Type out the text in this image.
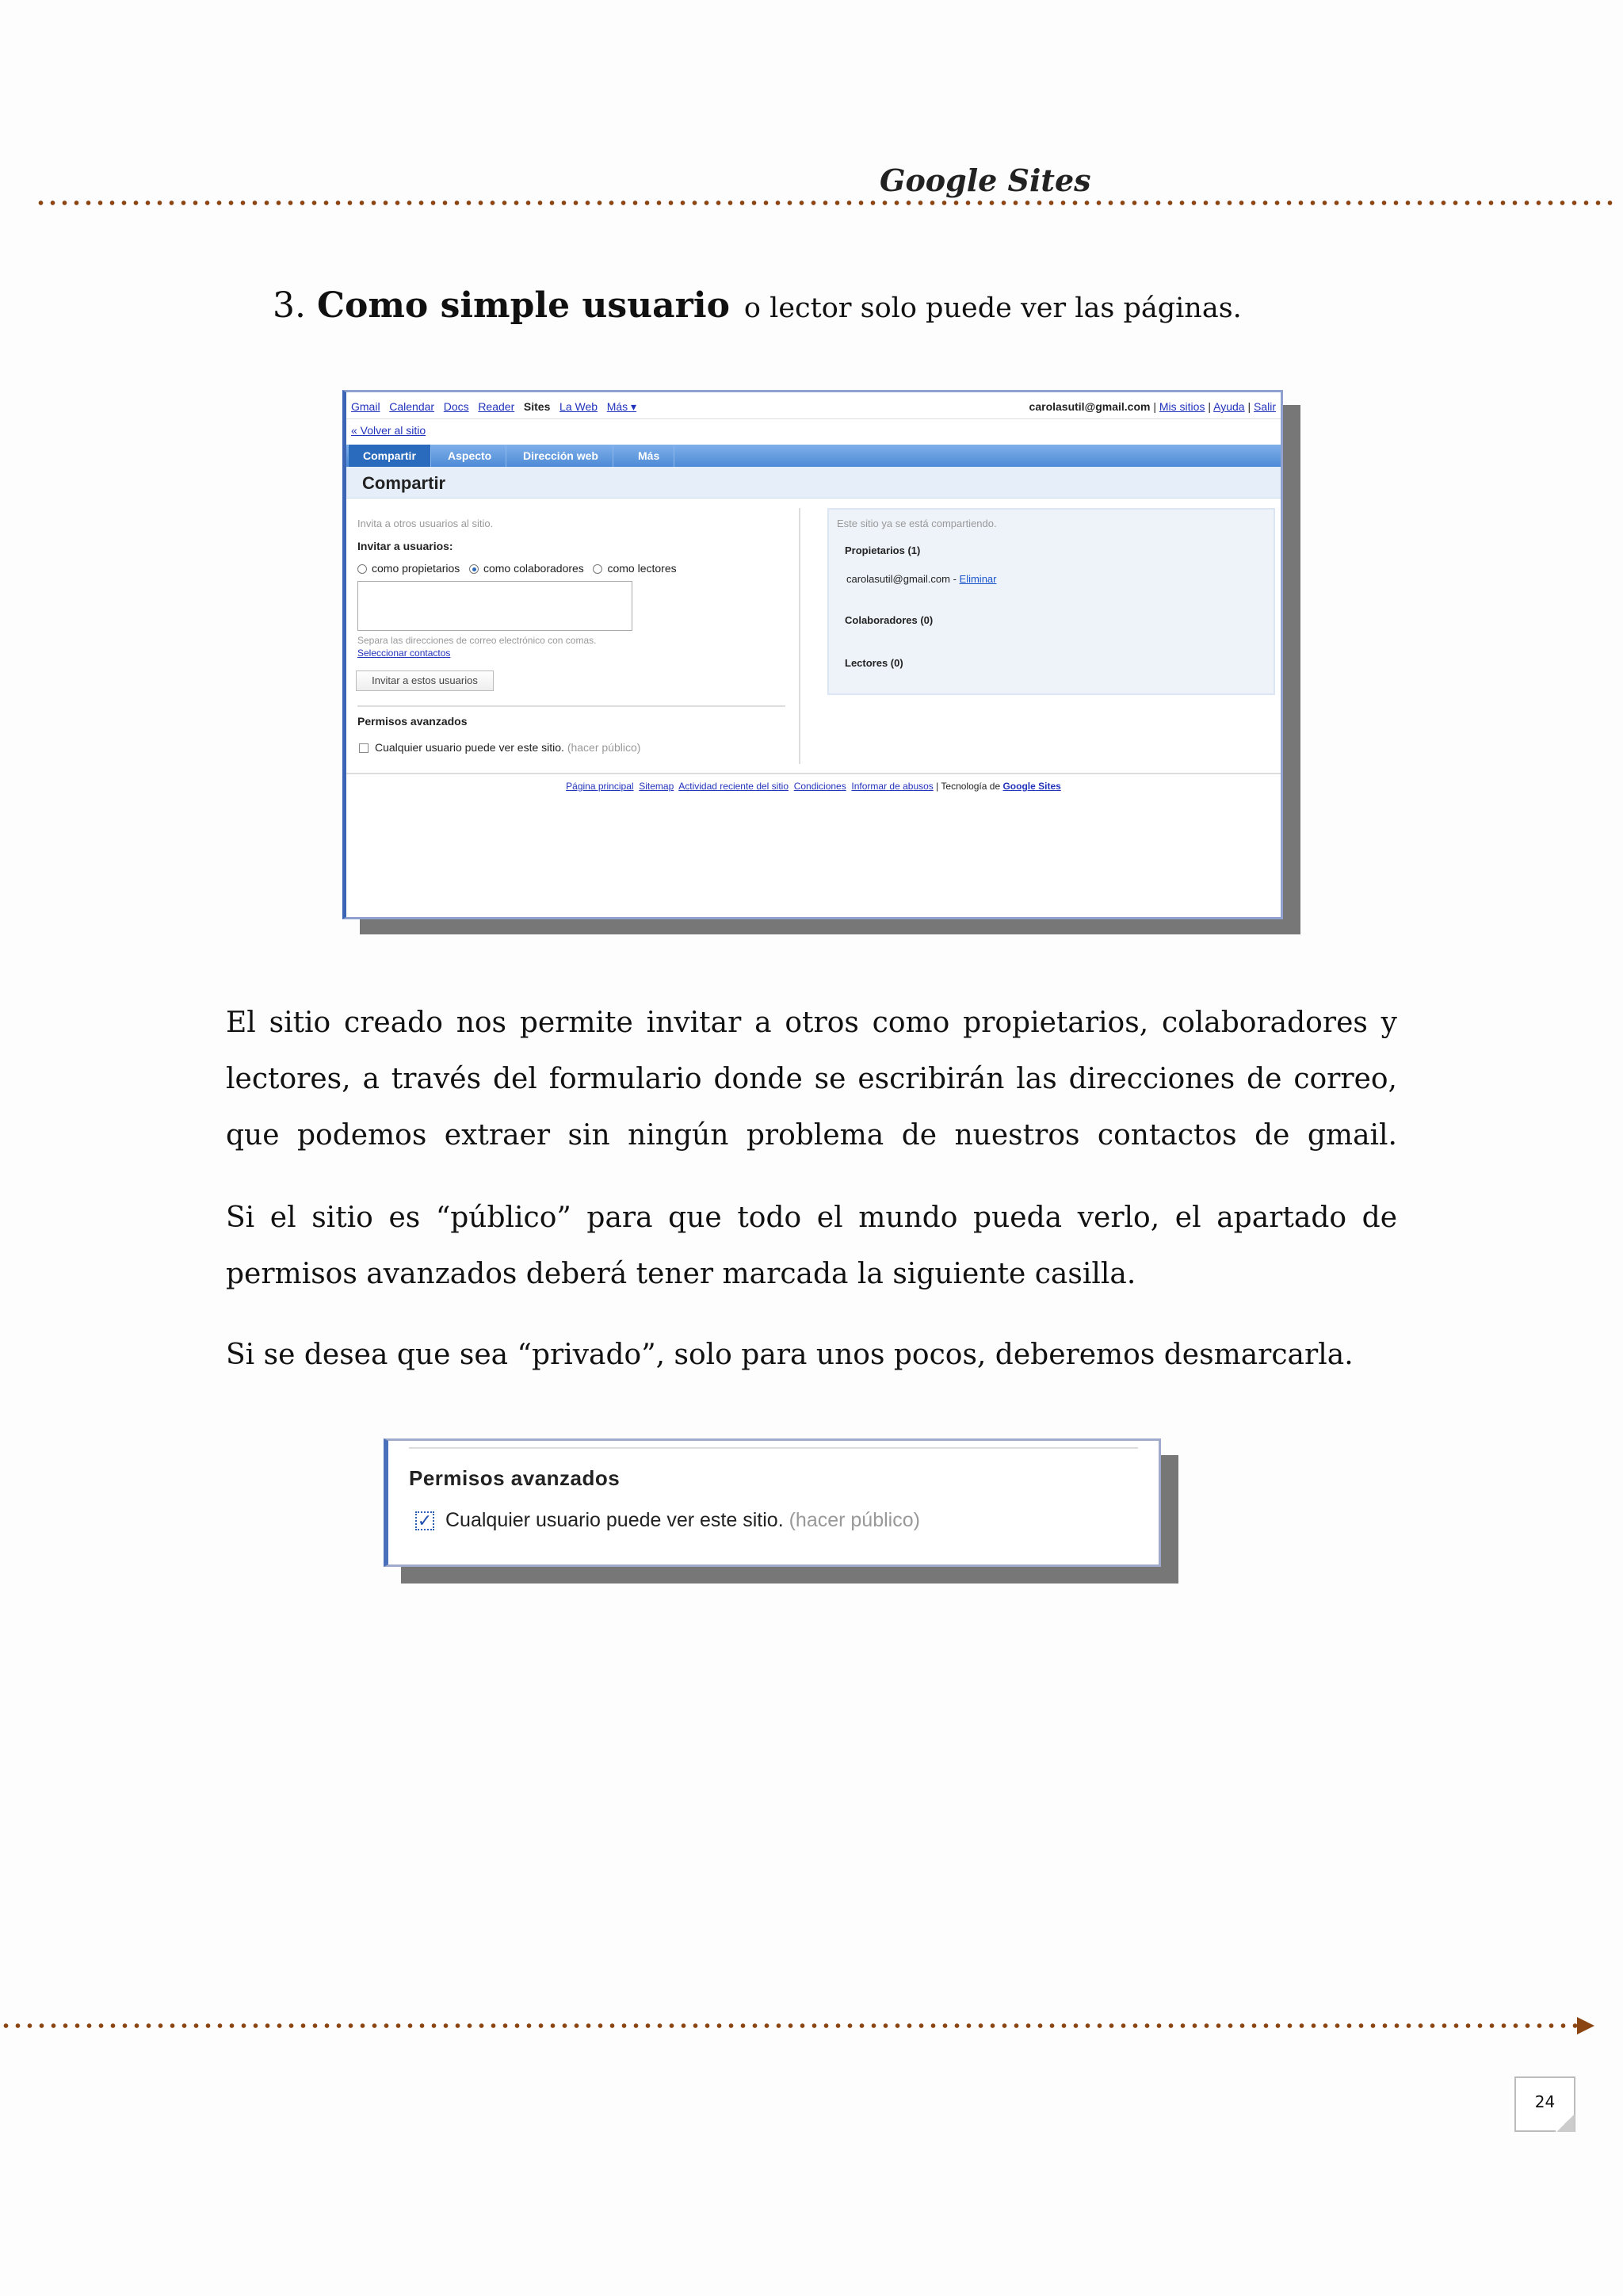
Google Sites
3. Como simple usuario o lector solo puede ver las páginas.
Gmail Calendar Docs Reader Sites La Web Más ▾	carolasutil@gmail.com | Mis sitios | Ayuda | Salir
« Volver al sitio
Compartir	Aspecto	Dirección web	Más
Compartir
Invita a otros usuarios al sitio.
Invitar a usuarios:
como propietarios como colaboradores como lectores
Separa las direcciones de correo electrónico con comas.
Seleccionar contactos
Invitar a estos usuarios
Permisos avanzados
Cualquier usuario puede ver este sitio. (hacer público)
Este sitio ya se está compartiendo.
Propietarios (1)
carolasutil@gmail.com - Eliminar
Colaboradores (0)
Lectores (0)
Página principal Sitemap Actividad reciente del sitio Condiciones Informar de abusos | Tecnología de Google Sites
El sitio creado nos permite invitar a otros como propietarios, colaboradores y lectores, a través del formulario donde se escribirán las direcciones de correo, que podemos extraer sin ningún problema de nuestros contactos de gmail.
Si el sitio es “público” para que todo el mundo pueda verlo, el apartado de permisos avanzados deberá tener marcada la siguiente casilla.
Si se desea que sea “privado”, solo para unos pocos, deberemos desmarcarla.
Permisos avanzados
✓ Cualquier usuario puede ver este sitio. (hacer público)
24
